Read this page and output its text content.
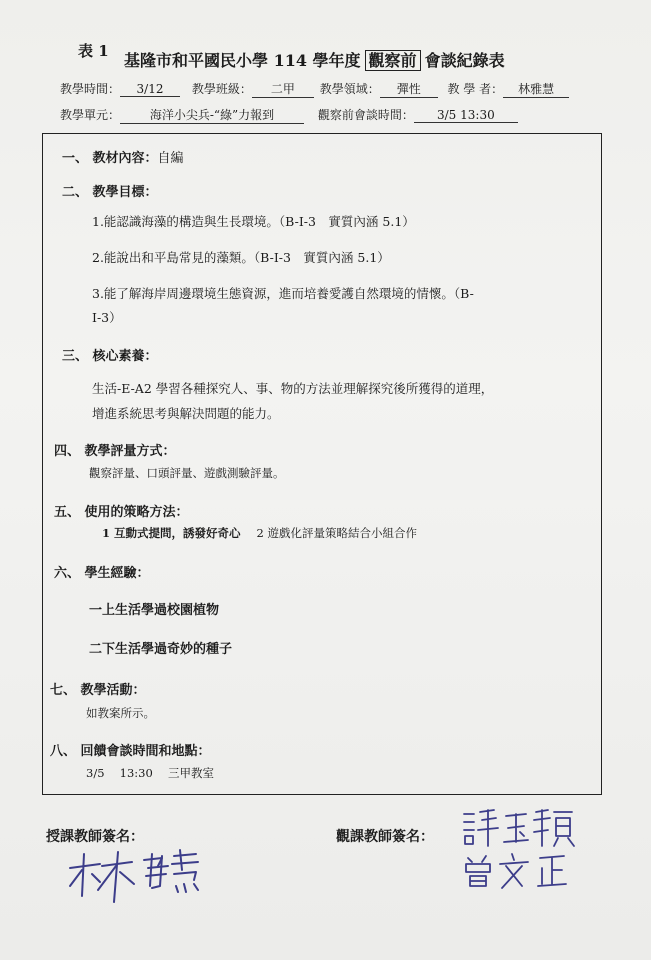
表 1 基隆市和平國民小學 114 學年度 觀察前 會談紀錄表
教學時間： 3/12 教學班級： 二甲 教學領域： 彈性 教 學 者： 林雅慧
教學單元： 海洋小尖兵-“綠”力報到	觀察前會談時間： 3/5 13:30
一、 教材內容：自編
二、 教學目標：
1.能認識海藻的構造與生長環境。（B-I-3　實質內涵 5.1）
2.能說出和平島常見的藻類。（B-I-3　實質內涵 5.1）
3.能了解海岸周邊環境生態資源，進而培養愛護自然環境的情懷。（B-
I-3）
三、 核心素養：
生活-E-A2 學習各種探究人、事、物的方法並理解探究後所獲得的道理，
增進系統思考與解決問題的能力。
四、 教學評量方式：
觀察評量、口頭評量、遊戲測驗評量。
五、 使用的策略方法：
1 互動式提問，誘發好奇心 2 遊戲化評量策略結合小組合作
六、 學生經驗：
一上生活學過校園植物
二下生活學過奇妙的種子
七、 教學活動：
如教案所示。
八、 回饋會談時間和地點：
3/5　 13:30　 三甲教室
授課教師簽名：	觀課教師簽名：
